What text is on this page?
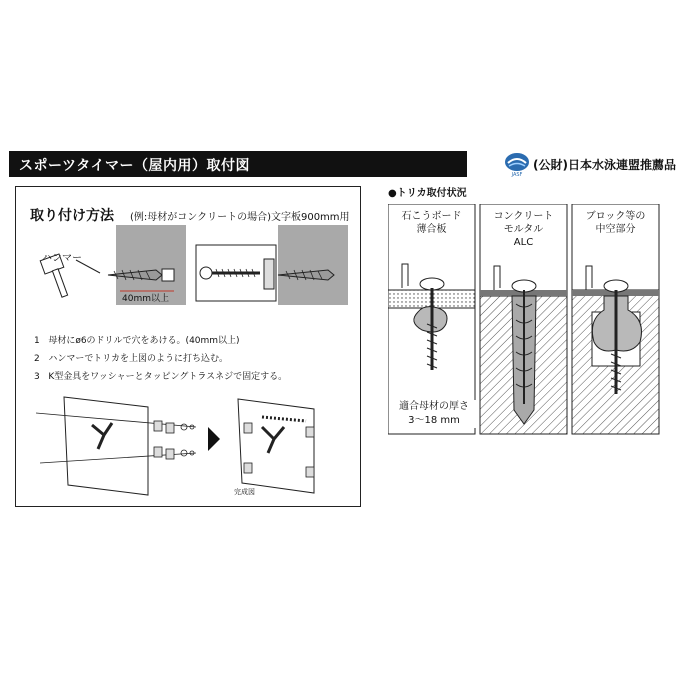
スポーツタイマー（屋内用）取付図
JASF
(公財)日本水泳連盟推薦品
取り付け方法 (例:母材がコンクリートの場合)文字板900mm用
ハンマー
40mm以上
1 母材にø6のドリルで穴をあける。(40mm以上)
2 ハンマーでトリカを上図のように打ち込む。
3 K型金具をワッシャーとタッピングトラスネジで固定する。
完成図
●トリカ取付状況
石こうボード
薄合板
コンクリート
モルタル
ALC
ブロック等の
中空部分
適合母材の厚さ
3～18 mm
